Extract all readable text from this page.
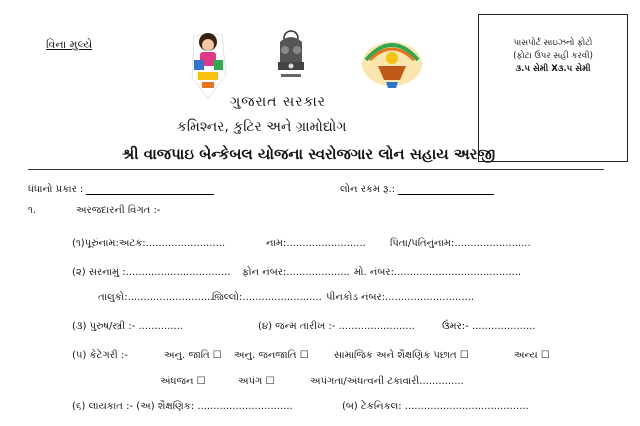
વિના મુલ્યે	પાસપોર્ટ સાઇઝનો ફોટો
(ફોટા ઉપર સહી કરવી)
૩.૫ સેમી X૩.૫ સેમી
ગુજરાત સરકાર
કમિશ્નર, કુટિર અને ગ્રામોદ્યોગ
શ્રી વાજપાઇ બેન્કેબલ યોજના સ્વરોજગાર લોન સહાય અરજી
ધંધાનો પ્રકાર :	લોન રકમ રૂ.:
૧.	અરજદારની વિગત :-
(૧)પૂરુંનામ:અટક:.........................	નામ:......................... પિતા/પતિનુંનામ:........................
(૨) સરનામું :................................. ફોન નંબર:.................... મો. નંબર:........................................
તાલુકો:.............................
જિલ્લો:......................... પીનકોડ નંબર:............................
(૩) પુરુષ/સ્ત્રી :- ..............	(૪) જન્મ તારીખ :- ........................	ઉંમર:- ....................
(૫) કેટેગરી :-	અનુ. જાતિ ☐ અનુ. જનજાતિ ☐	સામાજિક અને શૈક્ષણિક પછાત ☐	અન્ય ☐
અંધજન ☐	અપંગ ☐	અપંગતા/અંધત્વની ટકાવારી..............
(૬) લાયકાત :- (અ) શૈક્ષણિક: ..............................	(બ) ટેકનિકલ: .......................................
